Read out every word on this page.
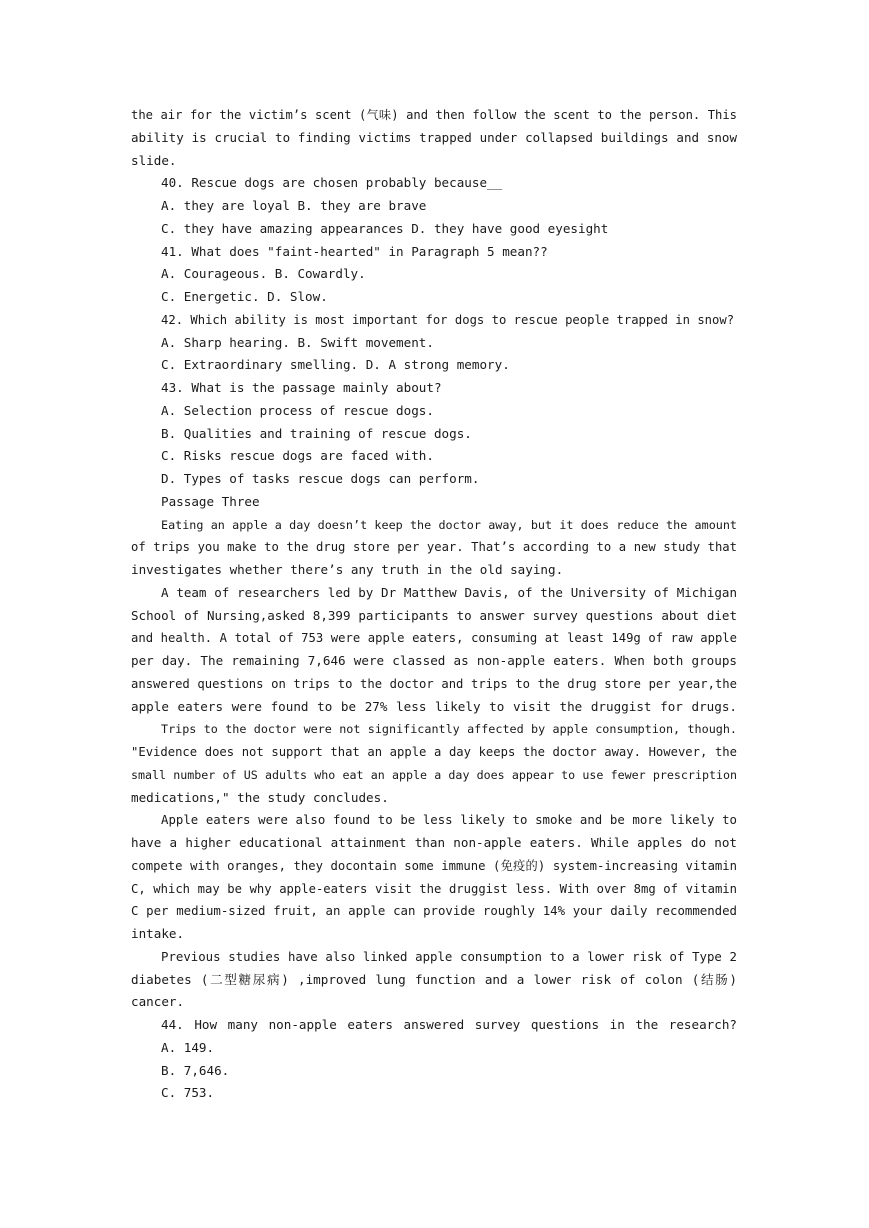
the air for the victim’s scent (气味) and then follow the scent to the person. This
ability is crucial to finding victims trapped under collapsed buildings and snow
slide.
40. Rescue dogs are chosen probably because__
A. they are loyal B. they are brave
C. they have amazing appearances D. they have good eyesight
41. What does "faint-hearted" in Paragraph 5 mean??
A. Courageous. B. Cowardly.
C. Energetic. D. Slow.
42. Which ability is most important for dogs to rescue people trapped in snow?
A. Sharp hearing. B. Swift movement.
C. Extraordinary smelling. D. A strong memory.
43. What is the passage mainly about?
A. Selection process of rescue dogs.
B. Qualities and training of rescue dogs.
C. Risks rescue dogs are faced with.
D. Types of tasks rescue dogs can perform.
Passage Three
Eating an apple a day doesn’t keep the doctor away, but it does reduce the amount
of trips you make to the drug store per year. That’s according to a new study that
investigates whether there’s any truth in the old saying.
A team of researchers led by Dr Matthew Davis, of the University of Michigan
School of Nursing,asked 8,399 participants to answer survey questions about diet
and health. A total of 753 were apple eaters, consuming at least 149g of raw apple
per day. The remaining 7,646 were classed as non-apple eaters. When both groups
answered questions on trips to the doctor and trips to the drug store per year,the
apple eaters were found to be 27% less likely to visit the druggist for drugs.
Trips to the doctor were not significantly affected by apple consumption, though.
"Evidence does not support that an apple a day keeps the doctor away. However, the
small number of US adults who eat an apple a day does appear to use fewer prescription
medications," the study concludes.
Apple eaters were also found to be less likely to smoke and be more likely to
have a higher educational attainment than non-apple eaters. While apples do not
compete with oranges, they docontain some immune (免疫的) system-increasing vitamin
C, which may be why apple-eaters visit the druggist less. With over 8mg of vitamin
C per medium-sized fruit, an apple can provide roughly 14% your daily recommended
intake.
Previous studies have also linked apple consumption to a lower risk of Type 2
diabetes (二型糖尿病) ,improved lung function and a lower risk of colon (结肠)
cancer.
44. How many non-apple eaters answered survey questions in the research?
A. 149.
B. 7,646.
C. 753.
